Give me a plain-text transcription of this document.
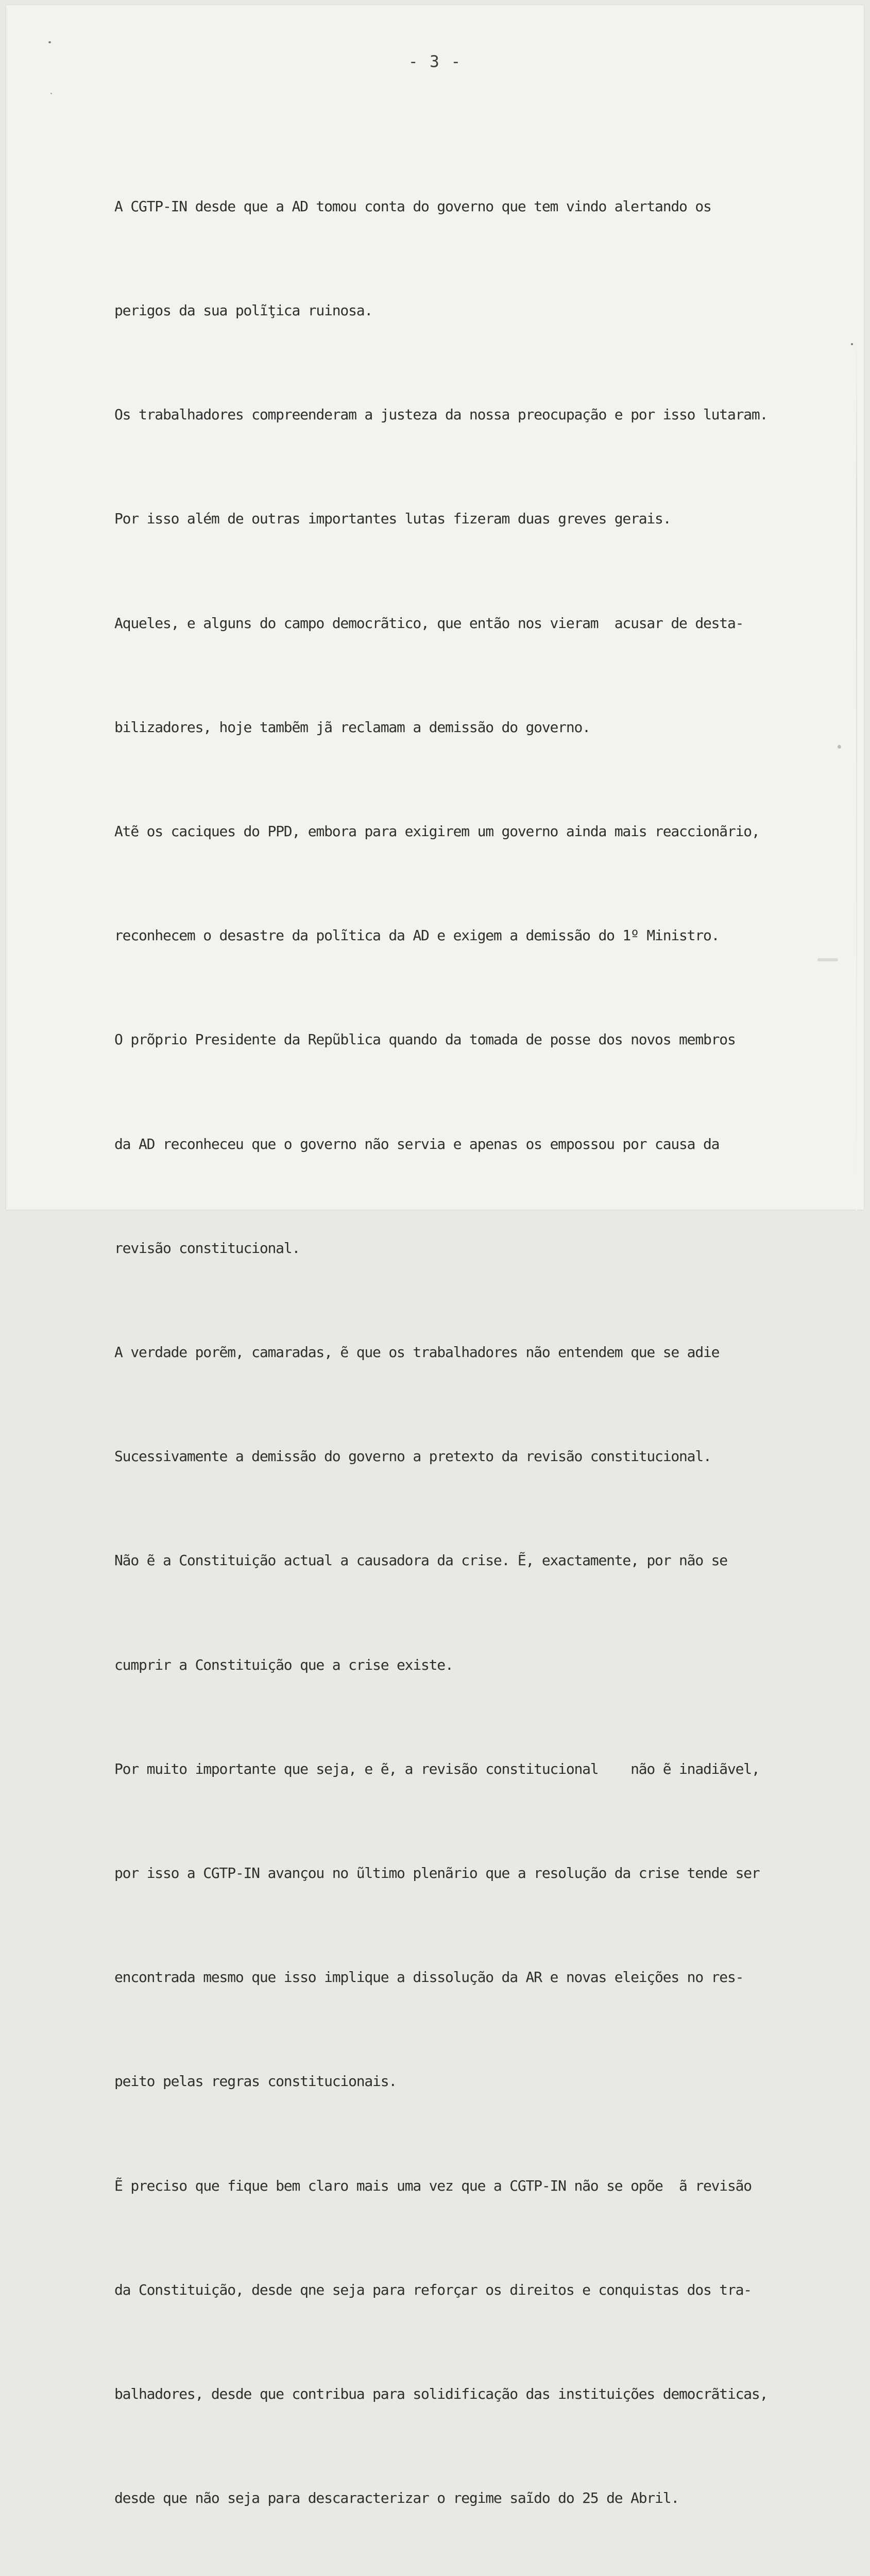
- 3 -

A CGTP-IN desde que a AD tomou conta do governo que tem vindo alertando os

perigos da sua polĩţica ruinosa.

Os trabalhadores compreenderam a justeza da nossa preocupação e por isso lutaram.

Por isso além de outras importantes lutas fizeram duas greves gerais.

Aqueles, e alguns do campo democrãtico, que então nos vieram  acusar de desta-

bilizadores, hoje tambẽm jã reclamam a demissão do governo.

Atẽ os caciques do PPD, embora para exigirem um governo ainda mais reaccionãrio,

reconhecem o desastre da polĩtica da AD e exigem a demissão do 1º Ministro.

O prõprio Presidente da Repũblica quando da tomada de posse dos novos membros

da AD reconheceu que o governo não servia e apenas os empossou por causa da

revisão constitucional.

A verdade porẽm, camaradas, ẽ que os trabalhadores não entendem que se adie

Sucessivamente a demissão do governo a pretexto da revisão constitucional.

Não ẽ a Constituição actual a causadora da crise. Ẽ, exactamente, por não se

cumprir a Constituição que a crise existe.

Por muito importante que seja, e ẽ, a revisão constitucional    não ẽ inadiãvel,

por isso a CGTP-IN avançou no ũltimo plenãrio que a resolução da crise tende ser

encontrada mesmo que isso implique a dissolução da AR e novas eleições no res-

peito pelas regras constitucionais.

Ẽ preciso que fique bem claro mais uma vez que a CGTP-IN não se opõe  ã revisão

da Constituição, desde qne seja para reforçar os direitos e conquistas dos tra-

balhadores, desde que contribua para solidificação das instituições democrãticas,

desde que não seja para descaracterizar o regime saĩdo do 25 de Abril.
